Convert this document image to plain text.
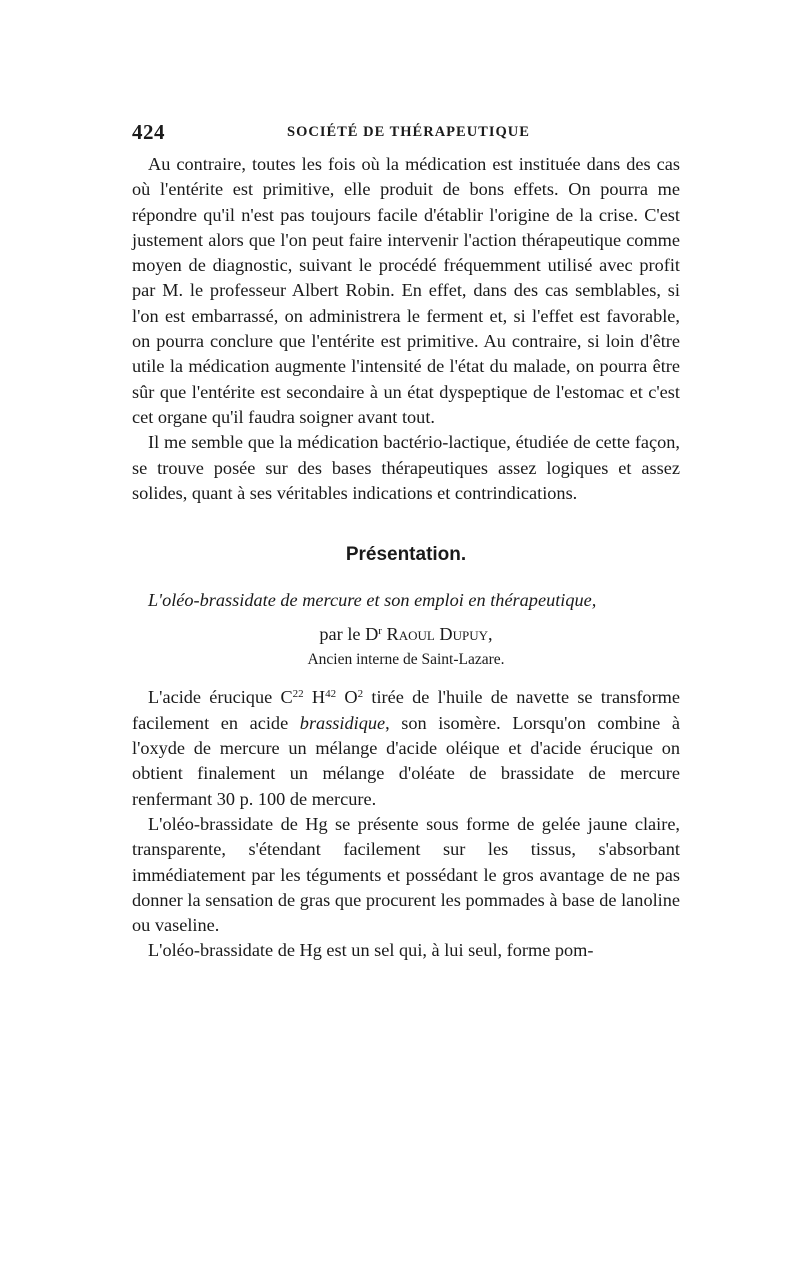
424	SOCIÉTÉ DE THÉRAPEUTIQUE

Au contraire, toutes les fois où la médication est instituée dans des cas où l'entérite est primitive, elle produit de bons effets. On pourra me répondre qu'il n'est pas toujours facile d'établir l'origine de la crise. C'est justement alors que l'on peut faire intervenir l'action thérapeutique comme moyen de diagnostic, suivant le procédé fréquemment utilisé avec profit par M. le professeur Albert Robin. En effet, dans des cas semblables, si l'on est embarrassé, on administrera le ferment et, si l'effet est favorable, on pourra conclure que l'entérite est primitive. Au contraire, si loin d'être utile la médication augmente l'intensité de l'état du malade, on pourra être sûr que l'entérite est secondaire à un état dyspeptique de l'estomac et c'est cet organe qu'il faudra soigner avant tout.

Il me semble que la médication bactério-lactique, étudiée de cette façon, se trouve posée sur des bases thérapeutiques assez logiques et assez solides, quant à ses véritables indications et contrindications.

Présentation.

L'oléo-brassidate de mercure et son emploi en thérapeutique,

par le $D^r$ Raoul Dupuy,
Ancien interne de Saint-Lazare.

L'acide érucique $C^{22}$ $H^{42}$ $O^2$ tirée de l'huile de navette se transforme facilement en acide brassidique, son isomère. Lorsqu'on combine à l'oxyde de mercure un mélange d'acide oléique et d'acide érucique on obtient finalement un mélange d'oléate de brassidate de mercure renfermant 30 p. 100 de mercure.

L'oléo-brassidate de Hg se présente sous forme de gelée jaune claire, transparente, s'étendant facilement sur les tissus, s'absorbant immédiatement par les téguments et possédant le gros avantage de ne pas donner la sensation de gras que procurent les pommades à base de lanoline ou vaseline.

L'oléo-brassidate de Hg est un sel qui, à lui seul, forme pom-
